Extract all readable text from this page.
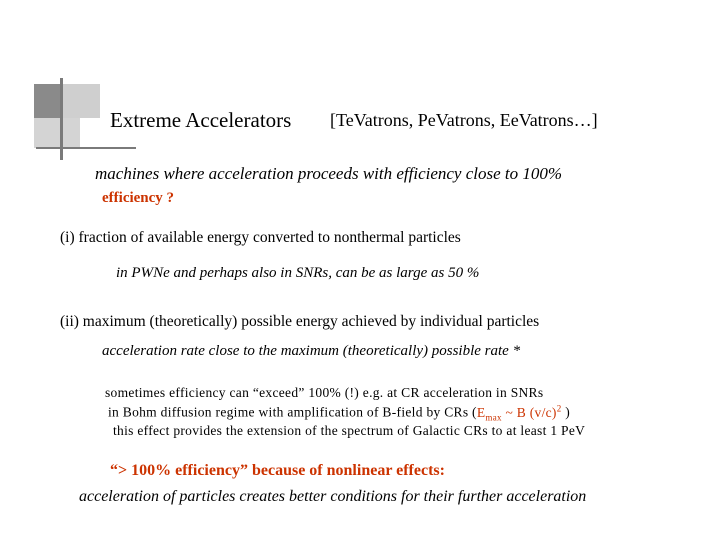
Extreme Accelerators [TeVatrons, PeVatrons, EeVatrons…]
machines where acceleration proceeds with efficiency close to 100%
efficiency ?
(i) fraction of available energy converted to nonthermal particles
in PWNe and perhaps also in SNRs, can be as large as 50 %
(ii) maximum (theoretically) possible energy achieved by individual particles
acceleration rate close to the maximum (theoretically) possible rate *
sometimes efficiency can “exceed” 100% (!) e.g. at CR acceleration in SNRs
in Bohm diffusion regime with amplification of B-field by CRs ($E_{max}$ ~ B $(v/c)^2$ )
this effect provides the extension of the spectrum of Galactic CRs to at least 1 PeV
“> 100% efficiency” because of nonlinear effects:
acceleration of particles creates better conditions for their further acceleration
